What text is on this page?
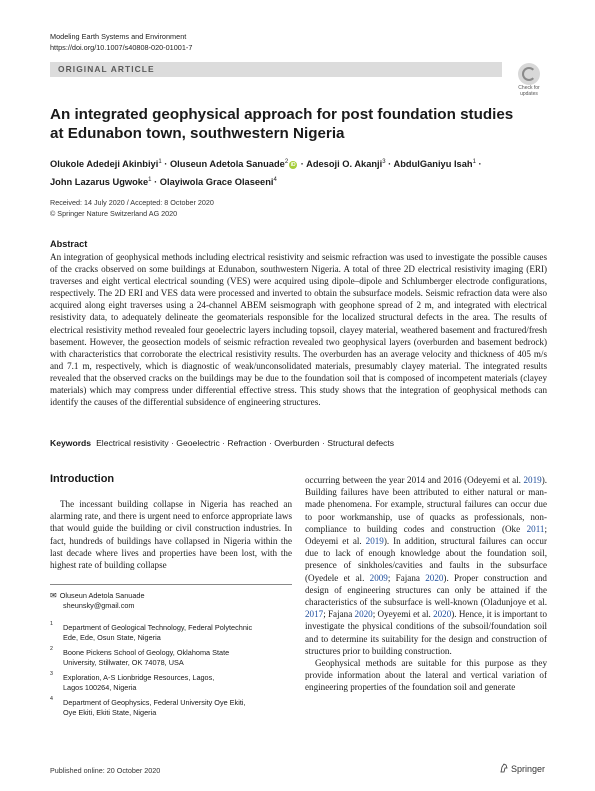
Modeling Earth Systems and Environment
https://doi.org/10.1007/s40808-020-01001-7
ORIGINAL ARTICLE
Check for
updates
An integrated geophysical approach for post foundation studies
at Edunabon town, southwestern Nigeria
Olukole Adedeji Akinbiyi$^1$ · Oluseun Adetola Sanuade$^2$iD · Adesoji O. Akanji$^3$ · AbdulGaniyu Isah$^1$ ·
John Lazarus Ugwoke$^1$ · Olayiwola Grace Olaseeni$^4$
Received: 14 July 2020 / Accepted: 8 October 2020
© Springer Nature Switzerland AG 2020
Abstract
An integration of geophysical methods including electrical resistivity and seismic refraction was used to investigate the possible causes of the cracks observed on some buildings at Edunabon, southwestern Nigeria. A total of three 2D electrical resistivity imaging (ERI) traverses and eight vertical electrical sounding (VES) were acquired using dipole–dipole and Schlumberger electrode configurations, respectively. The 2D ERI and VES data were processed and inverted to obtain the subsurface models. Seismic refraction data were also acquired along eight traverses using a 24-channel ABEM seismograph with geophone spread of 2 m, and integrated with electrical resistivity data, to adequately delineate the geomaterials responsible for the localized structural defects in the area. The results of electrical resistivity method revealed four geoelectric layers including topsoil, clayey material, weathered basement and fractured/fresh basement. However, the geosection models of seismic refraction revealed two geophysical layers (overburden and basement bedrock) with characteristics that corroborate the electrical resistivity results. The overburden has an average velocity and thickness of 405 m/s and 7.1 m, respectively, which is diagnostic of weak/unconsolidated materials, presumably clayey material. The integrated results revealed that the observed cracks on the buildings may be due to the foundation soil that is composed of incompetent materials (clayey materials) which may compress under differential effective stress. This study shows that the integration of geophysical methods can identify the causes of the differential subsidence of engineering structures.
Keywords Electrical resistivity · Geoelectric · Refraction · Overburden · Structural defects
Introduction
The incessant building collapse in Nigeria has reached an alarming rate, and there is urgent need to enforce appropriate laws that would guide the building or civil construction industries. In fact, hundreds of buildings have collapsed in Nigeria within the last decade where lives and properties have been lost, with the highest rate of building collapse

occurring between the year 2014 and 2016 (Odeyemi et al. 2019). Building failures have been attributed to either natural or man-made phenomena. For example, structural failures can occur due to poor workmanship, use of quacks as professionals, non-compliance to building codes and construction (Oke 2011; Odeyemi et al. 2019). In addition, structural failures can occur due to lack of enough knowledge about the foundation soil, presence of sinkholes/cavities and faults in the subsurface (Oyedele et al. 2009; Fajana 2020). Proper construction and design of engineering structures can only be attained if the characteristics of the subsurface is well-known (Oladunjoye et al. 2017; Fajana 2020; Oyeyemi et al. 2020). Hence, it is important to investigate the physical conditions of the subsoil/foundation soil and to determine its suitability for the design and construction of structures prior to building construction.

Geophysical methods are suitable for this purpose as they provide information about the lateral and vertical variation of engineering properties of the foundation soil and generate

✉ Oluseun Adetola Sanuade
sheunsky@gmail.com
1 Department of Geological Technology, Federal Polytechnic
Ede, Ede, Osun State, Nigeria
2 Boone Pickens School of Geology, Oklahoma State
University, Stillwater, OK 74078, USA
3 Exploration, A-S Lionbridge Resources, Lagos,
Lagos 100264, Nigeria
4 Department of Geophysics, Federal University Oye Ekiti,
Oye Ekiti, Ekiti State, Nigeria
Published online: 20 October 2020	Springer
